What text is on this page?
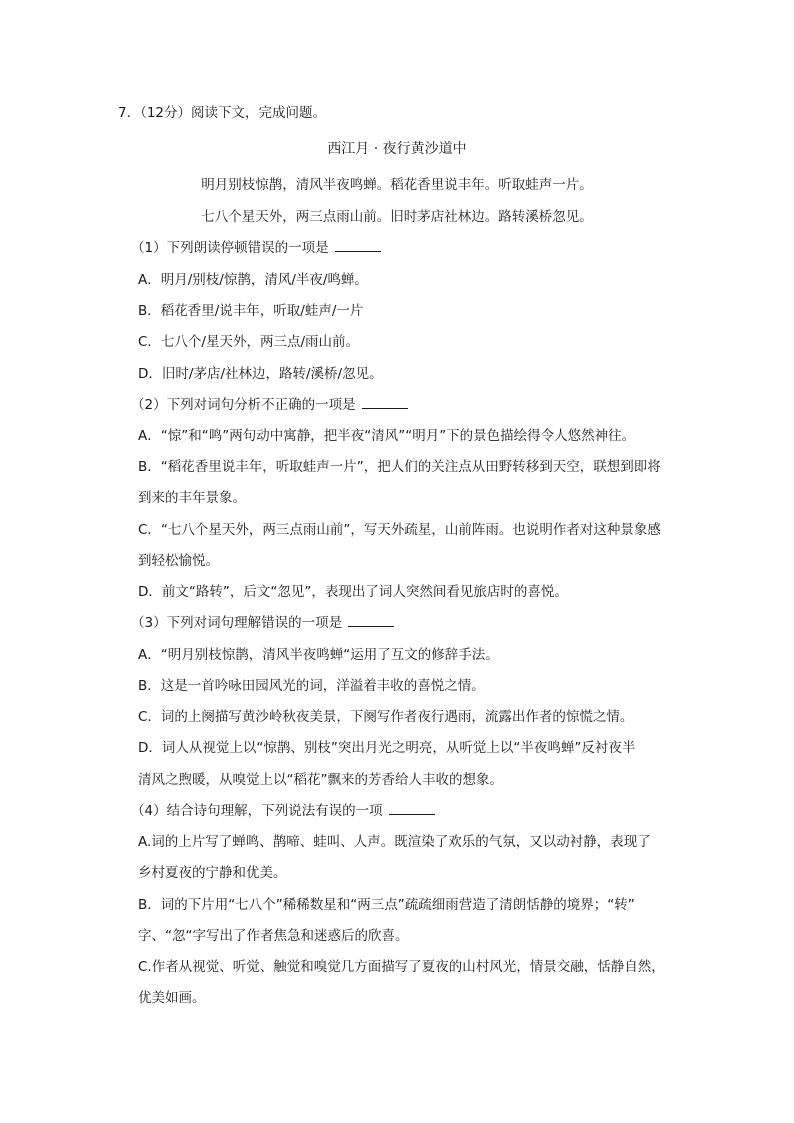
7．（12分）阅读下文，完成问题。
西江月 · 夜行黄沙道中
明月别枝惊鹊，清风半夜鸣蝉。稻花香里说丰年。听取蛙声一片。
七八个星天外，两三点雨山前。旧时茅店社林边。路转溪桥忽见。
（1）下列朗读停顿错误的一项是
A．明月/别枝/惊鹊，清风/半夜/鸣蝉。
B．稻花香里/说丰年，听取/蛙声/一片
C．七八个/星天外，两三点/雨山前。
D．旧时/茅店/社林边，路转/溪桥/忽见。
（2）下列对词句分析不正确的一项是
A．“惊”和“鸣”两句动中寓静，把半夜“清风”“明月”下的景色描绘得令人悠然神往。
B．“稻花香里说丰年，听取蛙声一片”，把人们的关注点从田野转移到天空，联想到即将
到来的丰年景象。
C．“七八个星天外，两三点雨山前”，写天外疏星，山前阵雨。也说明作者对这种景象感
到轻松愉悦。
D．前文“路转”，后文“忽见”，表现出了词人突然间看见旅店时的喜悦。
（3）下列对词句理解错误的一项是
A．“明月别枝惊鹊，清风半夜鸣蝉“运用了互文的修辞手法。
B．这是一首吟咏田园风光的词，洋溢着丰收的喜悦之情。
C．词的上阕描写黄沙岭秋夜美景，下阕写作者夜行遇雨，流露出作者的惊慌之情。
D．词人从视觉上以“惊鹊、别枝”突出月光之明亮，从听觉上以“半夜鸣蝉”反衬夜半
清风之煦暖，从嗅觉上以“稻花”飘来的芳香给人丰收的想象。
（4）结合诗句理解，下列说法有误的一项
A.词的上片写了蝉鸣、鹊啼、蛙叫、人声。既渲染了欢乐的气氛，又以动衬静，表现了
乡村夏夜的宁静和优美。
B．词的下片用“七八个”稀稀数星和“两三点”疏疏细雨营造了清朗恬静的境界；“转”
字、“忽“字写出了作者焦急和迷惑后的欣喜。
C.作者从视觉、听觉、触觉和嗅觉几方面描写了夏夜的山村风光，情景交融，恬静自然，
优美如画。
